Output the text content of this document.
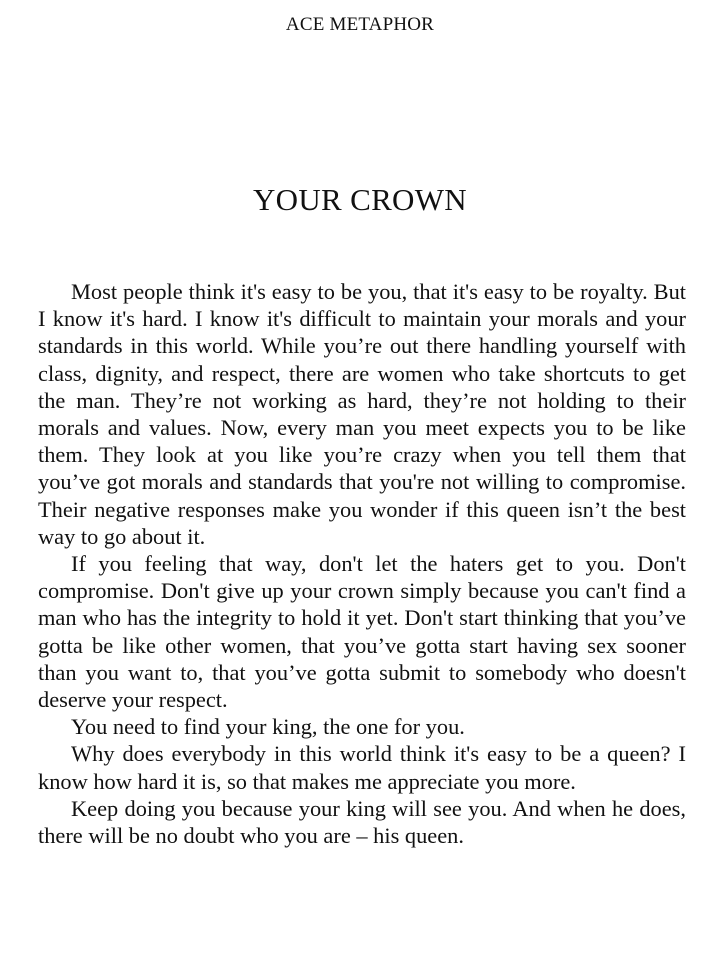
ACE METAPHOR

YOUR CROWN

Most people think it's easy to be you, that it's easy to be royalty. But I know it's hard. I know it's difficult to maintain your morals and your standards in this world. While you’re out there handling yourself with class, dignity, and respect, there are women who take shortcuts to get the man. They’re not working as hard, they’re not holding to their morals and values. Now, every man you meet expects you to be like them. They look at you like you’re crazy when you tell them that you’ve got morals and standards that you're not willing to compromise. Their negative responses make you wonder if this queen isn’t the best way to go about it.

If you feeling that way, don't let the haters get to you. Don't compromise. Don't give up your crown simply because you can't find a man who has the integrity to hold it yet. Don't start thinking that you’ve gotta be like other women, that you’ve gotta start having sex sooner than you want to, that you’ve gotta submit to somebody who doesn't deserve your respect.

You need to find your king, the one for you.

Why does everybody in this world think it's easy to be a queen? I know how hard it is, so that makes me appreciate you more.

Keep doing you because your king will see you. And when he does, there will be no doubt who you are – his queen.
